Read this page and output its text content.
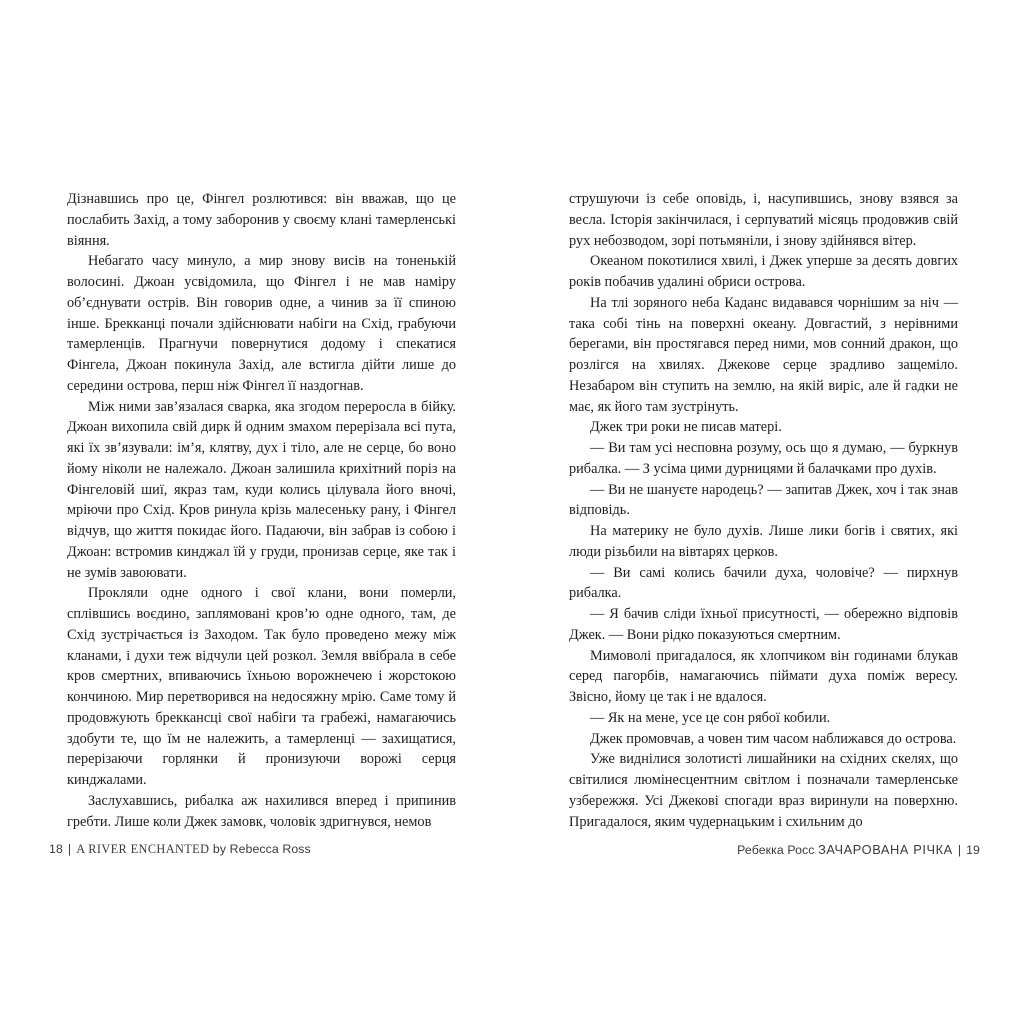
Дізнавшись про це, Фінгел розлютився: він вважав, що це послабить Захід, а тому заборонив у своєму клані тамерленські віяння.

Небагато часу минуло, а мир знову висів на тоненькій волосині. Джоан усвідомила, що Фінгел і не мав наміру об’єднувати острів. Він говорив одне, а чинив за її спиною інше. Брекканці почали здійснювати набіги на Схід, грабуючи тамерленців. Прагнучи повернутися додому і спекатися Фінгела, Джоан покинула Захід, але встигла дійти лише до середини острова, перш ніж Фінгел її наздогнав.

Між ними зав’язалася сварка, яка згодом переросла в бійку. Джоан вихопила свій дирк й одним змахом перерізала всі пута, які їх зв’язували: ім’я, клятву, дух і тіло, але не серце, бо воно йому ніколи не належало. Джоан залишила крихітний поріз на Фінгеловій шиї, якраз там, куди колись цілувала його вночі, мріючи про Схід. Кров ринула крізь малесеньку рану, і Фінгел відчув, що життя покидає його. Падаючи, він забрав із собою і Джоан: встромив кинджал їй у груди, пронизав серце, яке так і не зумів завоювати.

Прокляли одне одного і свої клани, вони померли, сплівшись воєдино, заплямовані кров’ю одне одного, там, де Схід зустрічається із Заходом. Так було проведено межу між кланами, і духи теж відчули цей розкол. Земля ввібрала в себе кров смертних, впиваючись їхньою ворожнечею і жорстокою кончиною. Мир перетворився на недосяжну мрію. Саме тому й продовжують бреккансці свої набіги та грабежі, намагаючись здобути те, що їм не належить, а тамерленці — захищатися, перерізаючи горлянки й пронизуючи ворожі серця кинджалами.

Заслухавшись, рибалка аж нахилився вперед і припинив гребти. Лише коли Джек замовк, чоловік здригнувся, немов

18 | A RIVER ENCHANTED by Rebecca Ross

струшуючи із себе оповідь, і, насупившись, знову взявся за весла. Історія закінчилася, і серпуватий місяць продовжив свій рух небозводом, зорі потьмяніли, і знову здійнявся вітер.

Океаном покотилися хвилі, і Джек уперше за десять довгих років побачив удалині обриси острова.

На тлі зоряного неба Каданс видавався чорнішим за ніч — така собі тінь на поверхні океану. Довгастий, з нерівними берегами, він простягався перед ними, мов сонний дракон, що розлігся на хвилях. Джекове серце зрадливо защеміло. Незабаром він ступить на землю, на якій виріс, але й гадки не має, як його там зустрінуть.

Джек три роки не писав матері.

— Ви там усі несповна розуму, ось що я думаю, — буркнув рибалка. — З усіма цими дурницями й балачками про духів.

— Ви не шануєте народець? — запитав Джек, хоч і так знав відповідь.

На материку не було духів. Лише лики богів і святих, які люди різьбили на вівтарях церков.

— Ви самі колись бачили духа, чоловіче? — пирхнув рибалка.

— Я бачив сліди їхньої присутності, — обережно відповів Джек. — Вони рідко показуються смертним.

Мимоволі пригадалося, як хлопчиком він годинами блукав серед пагорбів, намагаючись піймати духа поміж вересу. Звісно, йому це так і не вдалося.

— Як на мене, усе це сон рябої кобили.

Джек промовчав, а човен тим часом наближався до острова.

Уже виднілися золотисті лишайники на східних скелях, що світилися люмінесцентним світлом і позначали тамерленське узбережжя. Усі Джекові спогади враз виринули на поверхню. Пригадалося, яким чудернацьким і схильним до

Ребекка Росс ЗАЧАРОВАНА РІЧКА | 19
